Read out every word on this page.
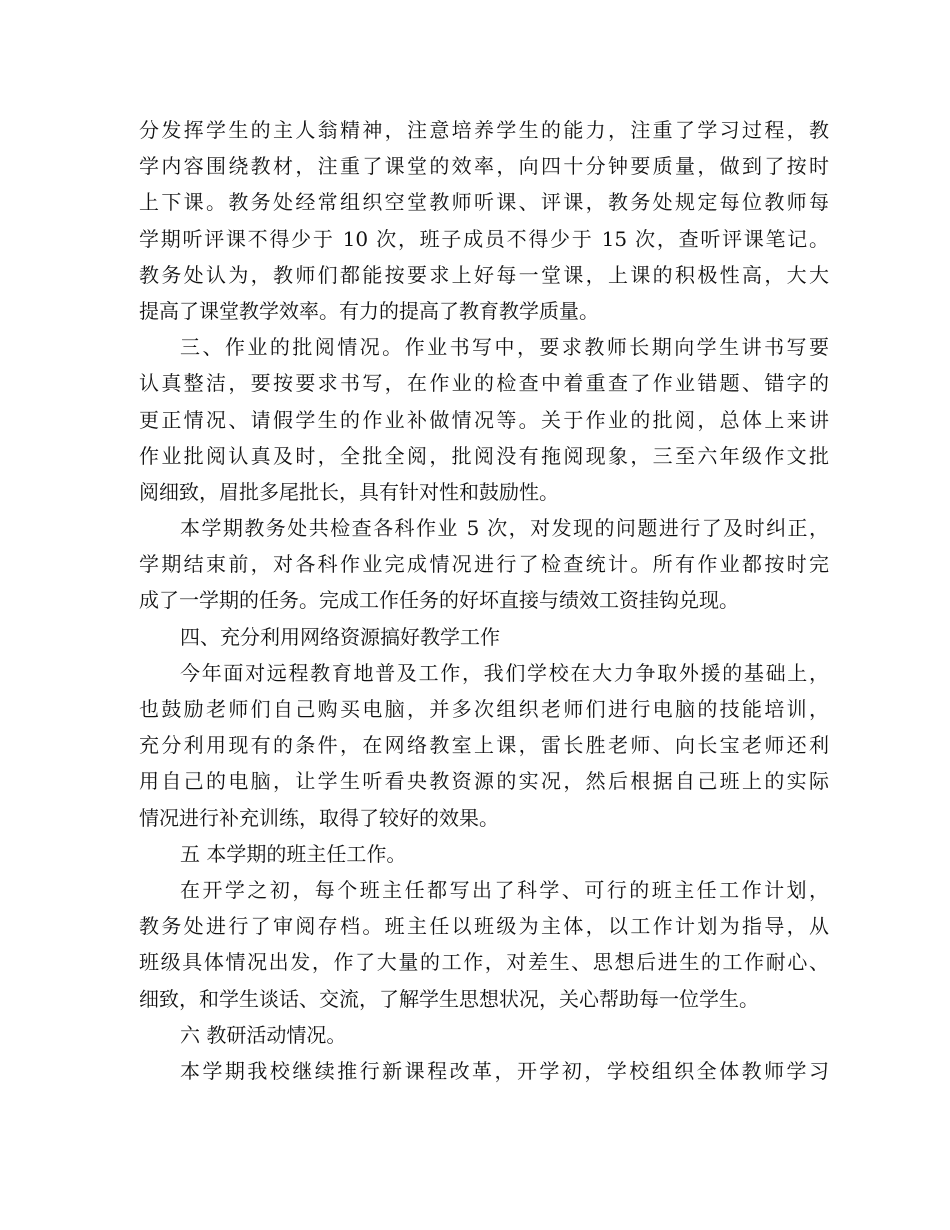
分发挥学生的主人翁精神，注意培养学生的能力，注重了学习过程，教
学内容围绕教材，注重了课堂的效率，向四十分钟要质量，做到了按时
上下课。教务处经常组织空堂教师听课、评课，教务处规定每位教师每
学期听评课不得少于 10 次，班子成员不得少于 15 次，查听评课笔记。
教务处认为，教师们都能按要求上好每一堂课，上课的积极性高，大大
提高了课堂教学效率。有力的提高了教育教学质量。
三、作业的批阅情况。作业书写中，要求教师长期向学生讲书写要
认真整洁，要按要求书写，在作业的检查中着重查了作业错题、错字的
更正情况、请假学生的作业补做情况等。关于作业的批阅，总体上来讲
作业批阅认真及时，全批全阅，批阅没有拖阅现象，三至六年级作文批
阅细致，眉批多尾批长，具有针对性和鼓励性。
本学期教务处共检查各科作业 5 次，对发现的问题进行了及时纠正，
学期结束前，对各科作业完成情况进行了检查统计。所有作业都按时完
成了一学期的任务。完成工作任务的好坏直接与绩效工资挂钩兑现。
四、充分利用网络资源搞好教学工作
今年面对远程教育地普及工作，我们学校在大力争取外援的基础上，
也鼓励老师们自己购买电脑，并多次组织老师们进行电脑的技能培训，
充分利用现有的条件，在网络教室上课，雷长胜老师、向长宝老师还利
用自己的电脑，让学生听看央教资源的实况，然后根据自己班上的实际
情况进行补充训练，取得了较好的效果。
五 本学期的班主任工作。
在开学之初，每个班主任都写出了科学、可行的班主任工作计划，
教务处进行了审阅存档。班主任以班级为主体，以工作计划为指导，从
班级具体情况出发，作了大量的工作，对差生、思想后进生的工作耐心、
细致，和学生谈话、交流，了解学生思想状况，关心帮助每一位学生。
六 教研活动情况。
本学期我校继续推行新课程改革，开学初，学校组织全体教师学习
